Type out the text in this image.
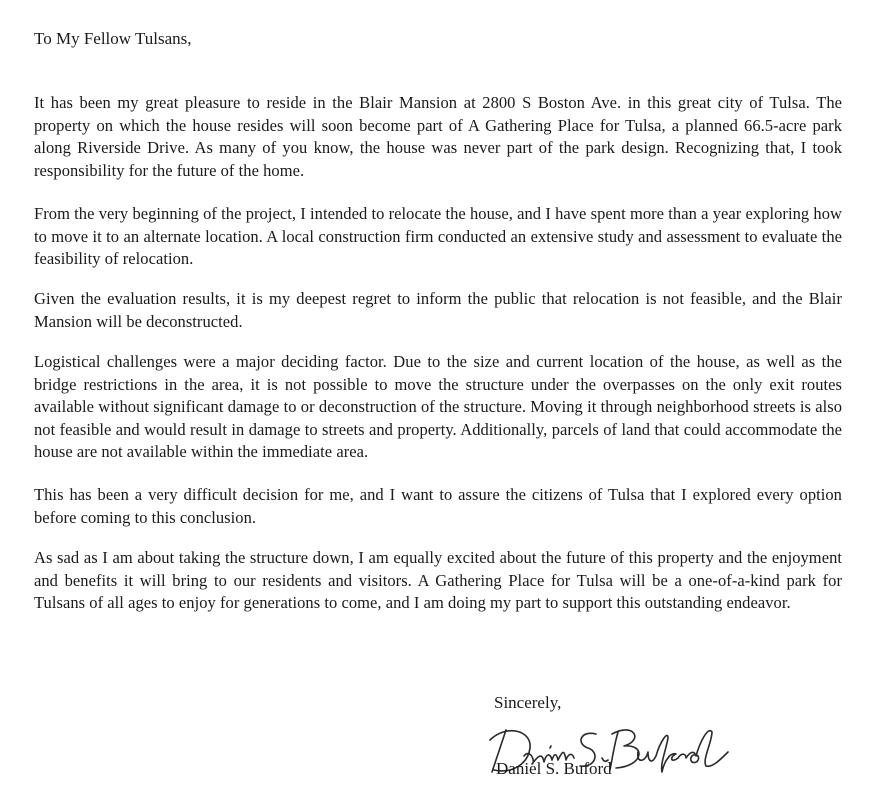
To My Fellow Tulsans,
It has been my great pleasure to reside in the Blair Mansion at 2800 S Boston Ave. in this great city of Tulsa. The property on which the house resides will soon become part of A Gathering Place for Tulsa, a planned 66.5-acre park along Riverside Drive. As many of you know, the house was never part of the park design. Recognizing that, I took responsibility for the future of the home.
From the very beginning of the project, I intended to relocate the house, and I have spent more than a year exploring how to move it to an alternate location. A local construction firm conducted an extensive study and assessment to evaluate the feasibility of relocation.
Given the evaluation results, it is my deepest regret to inform the public that relocation is not feasible, and the Blair Mansion will be deconstructed.
Logistical challenges were a major deciding factor. Due to the size and current location of the house, as well as the bridge restrictions in the area, it is not possible to move the structure under the overpasses on the only exit routes available without significant damage to or deconstruction of the structure. Moving it through neighborhood streets is also not feasible and would result in damage to streets and property. Additionally, parcels of land that could accommodate the house are not available within the immediate area.
This has been a very difficult decision for me, and I want to assure the citizens of Tulsa that I explored every option before coming to this conclusion.
As sad as I am about taking the structure down, I am equally excited about the future of this property and the enjoyment and benefits it will bring to our residents and visitors. A Gathering Place for Tulsa will be a one-of-a-kind park for Tulsans of all ages to enjoy for generations to come, and I am doing my part to support this outstanding endeavor.
Sincerely,
Daniel S. Buford
